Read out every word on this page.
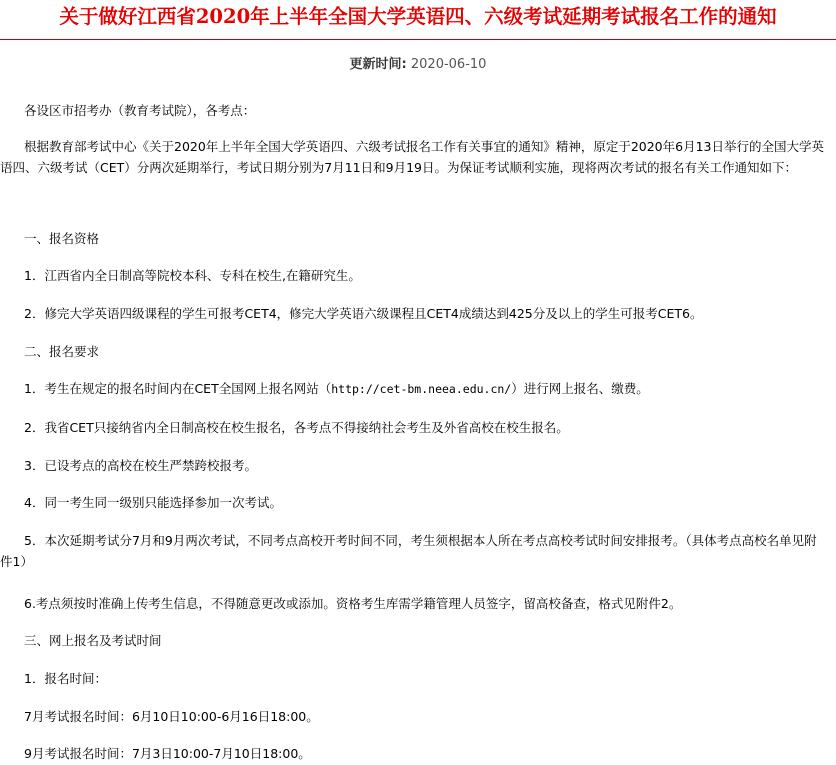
关于做好江西省2020年上半年全国大学英语四、六级考试延期考试报名工作的通知
更新时间: 2020-06-10
各设区市招考办（教育考试院），各考点：
根据教育部考试中心《关于2020年上半年全国大学英语四、六级考试报名工作有关事宜的通知》精神，原定于2020年6月13日举行的全国大学英语四、六级考试（CET）分两次延期举行，考试日期分别为7月11日和9月19日。为保证考试顺利实施，现将两次考试的报名有关工作通知如下：
一、报名资格
1．江西省内全日制高等院校本科、专科在校生,在籍研究生。
2．修完大学英语四级课程的学生可报考CET4，修完大学英语六级课程且CET4成绩达到425分及以上的学生可报考CET6。
二、报名要求
1．考生在规定的报名时间内在CET全国网上报名网站（http://cet-bm.neea.edu.cn/）进行网上报名、缴费。
2．我省CET只接纳省内全日制高校在校生报名，各考点不得接纳社会考生及外省高校在校生报名。
3．已设考点的高校在校生严禁跨校报考。
4．同一考生同一级别只能选择参加一次考试。
5．本次延期考试分7月和9月两次考试，不同考点高校开考时间不同，考生须根据本人所在考点高校考试时间安排报考。（具体考点高校名单见附件1）
6.考点须按时准确上传考生信息，不得随意更改或添加。资格考生库需学籍管理人员签字，留高校备查，格式见附件2。
三、网上报名及考试时间
1．报名时间：
7月考试报名时间：6月10日10:00-6月16日18:00。
9月考试报名时间：7月3日10:00-7月10日18:00。
